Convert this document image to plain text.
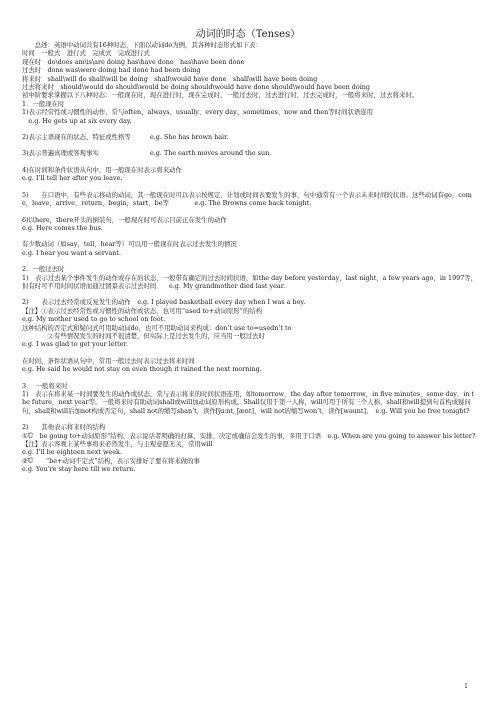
动词的时态（Tenses）

　　总述：英语中动词共有16种时态，下面以动词do为例，其各种时态形式如下表：

时间　一般式　进行式　完成式　完成进行式

现在时　do\does am\is\are doing has\have done　has\have been done

过去时　done was\were doing had done had been doing

将来时　shall\will do shall\will be doing　shall\would have done　shall\will have been doing

过去将来时　should\would do should\would be doing should\would have done should\would have been doing

初中阶要求掌握以下八种时态：一般现在时，现在进行时，现在完成时，一般过去时，过去进行时，过去完成时，一般将来时，过去将来时。

1．一般现在时

1)表示经常性或习惯性的动作，常与often、always、usually、every day、sometimes、now and then等时间状语连用

　e.g. He gets up at six every day.

2)表示主语现在的状态、特征或性格等　　　e.g. She has brown hair.

3)表示普遍真理或客观事实　　　　　　　　e.g. The earth moves around the sun.

4)在时间和条件状语从句中，用一般现在时表示将来动作

e.g. I’ll tell her after you leave.

5)　　在口语中，有些表示移动的动词，其一般现在时可以表示按规定、计划或时间表要发生的事，句中通常有一个表示未来时间的状语。这些动词有go，come，leave，arrive，return，begin，start，be等　　　　e.g. The Browns come back tonight.

6)以here，there开头的倒装句，一般现在时可表示目前正在发生的动作

e.g. Here comes the bus.

有少数动词（如say，tell，hear等）可以用一般现在时表示过去发生的情况

e.g. I hear you want a servant.

2．一般过去时

1)　表示过去某个事件发生的动作或存在的状态，一般带有确定的过去时间状语，如the day before yesterday，last night，a few years ago，in 1997等，但有时可不用时间状语而通过情景表示过去时间　　e.g. My grandmother died last year.

2)　　表示过去经常或反复发生的动作　e.g. I played basketball every day when I was a boy.

【注】①表示过去经常性或习惯性的动作或状态，也可用“used to+动词原形”的结构

e.g. My mother used to go to school on foot.

这种结构的否定式和疑问式可用助动词do，也可不用助动词来构成：don’t use to=usedn’t to

　　　　②有些情况发生的时间不很清楚，但实际上是过去发生的，应当用一般过去时

e.g. I was glad to get your letter.

在时间、条件状语从句中，常用一般过去时表示过去将来时间

e.g. He said he would not stay on even though it rained the next morning.

3．　一般将来时

1)　表示在将来某一时间要发生的动作或状态，常与表示将来的时间状语连用，如tomorrow，the day after tomorrow，in five minutes，some day，in the future，next year等。一般将来时有助动词shall或will加动词原形构成。Shall仅用于第一人称，will可用于所有三个人称，shall和will提到句首构成疑问句，shall和will后加not构成否定句，shall not的缩写shan’t，读作[ʃɑ:nt, ʃænt]，will not的缩写won’t，读作[wəunt]。　e.g. Will you be free tonight?

2)　　其他表示将来时的结构

①Ü　be going to+动词原形”结构，表示说话者明确的打算、安排、决定或确信会发生的事，多用于口语　e.g. When are you going to answer his letter?

【注】表示客观上某些事将来必然发生，与主观意愿无关，常用will

e.g. I’ll be eighteen next week.

②Ü　　“be+动词不定式”结构，表示安排好了要在将来做的事

e.g. You’re stay here till we return.

1
